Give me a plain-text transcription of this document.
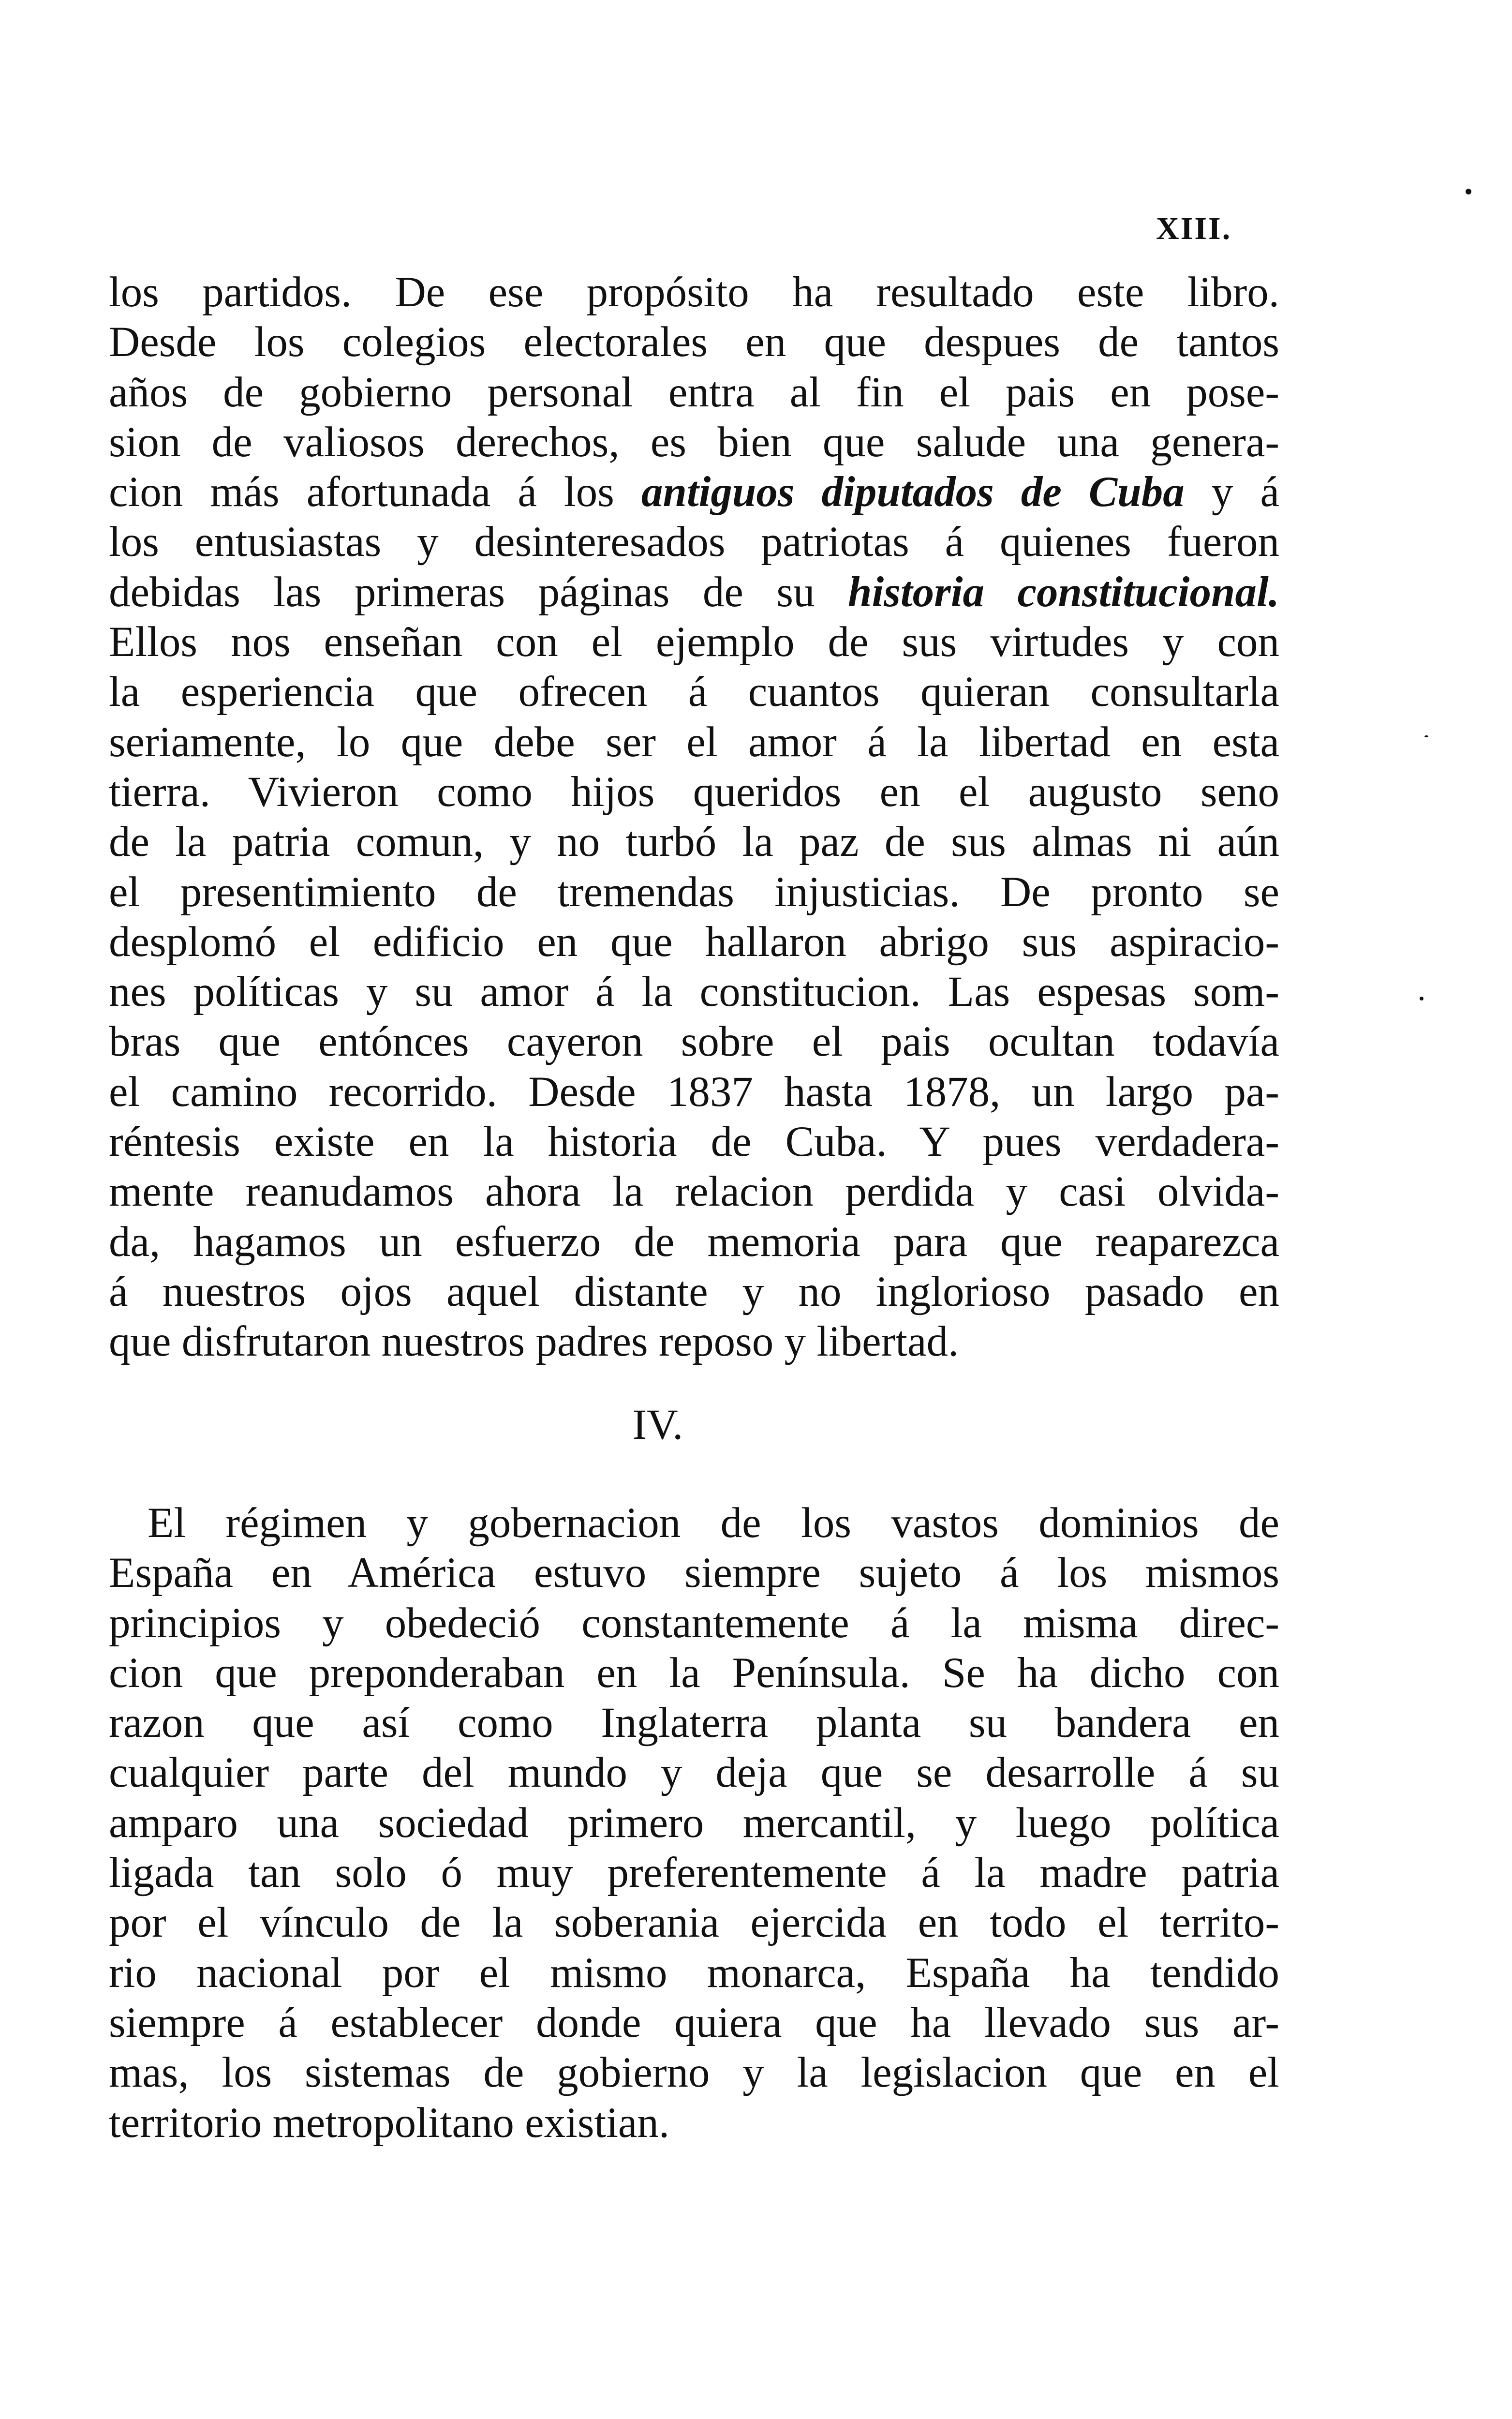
XIII.
los partidos. De ese propósito ha resultado este libro.
Desde los colegios electorales en que despues de tantos
años de gobierno personal entra al fin el pais en pose-
sion de valiosos derechos, es bien que salude una genera-
cion más afortunada á los antiguos diputados de Cuba y á
los entusiastas y desinteresados patriotas á quienes fueron
debidas las primeras páginas de su historia constitucional.
Ellos nos enseñan con el ejemplo de sus virtudes y con
la esperiencia que ofrecen á cuantos quieran consultarla
seriamente, lo que debe ser el amor á la libertad en esta
tierra. Vivieron como hijos queridos en el augusto seno
de la patria comun, y no turbó la paz de sus almas ni aún
el presentimiento de tremendas injusticias. De pronto se
desplomó el edificio en que hallaron abrigo sus aspiracio-
nes políticas y su amor á la constitucion. Las espesas som-
bras que entónces cayeron sobre el pais ocultan todavía
el camino recorrido. Desde 1837 hasta 1878, un largo pa-
réntesis existe en la historia de Cuba. Y pues verdadera-
mente reanudamos ahora la relacion perdida y casi olvida-
da, hagamos un esfuerzo de memoria para que reaparezca
á nuestros ojos aquel distante y no inglorioso pasado en
que disfrutaron nuestros padres reposo y libertad.
IV.
El régimen y gobernacion de los vastos dominios de
España en América estuvo siempre sujeto á los mismos
principios y obedeció constantemente á la misma direc-
cion que preponderaban en la Península. Se ha dicho con
razon que así como Inglaterra planta su bandera en
cualquier parte del mundo y deja que se desarrolle á su
amparo una sociedad primero mercantil, y luego política
ligada tan solo ó muy preferentemente á la madre patria
por el vínculo de la soberania ejercida en todo el territo-
rio nacional por el mismo monarca, España ha tendido
siempre á establecer donde quiera que ha llevado sus ar-
mas, los sistemas de gobierno y la legislacion que en el
territorio metropolitano existian.
